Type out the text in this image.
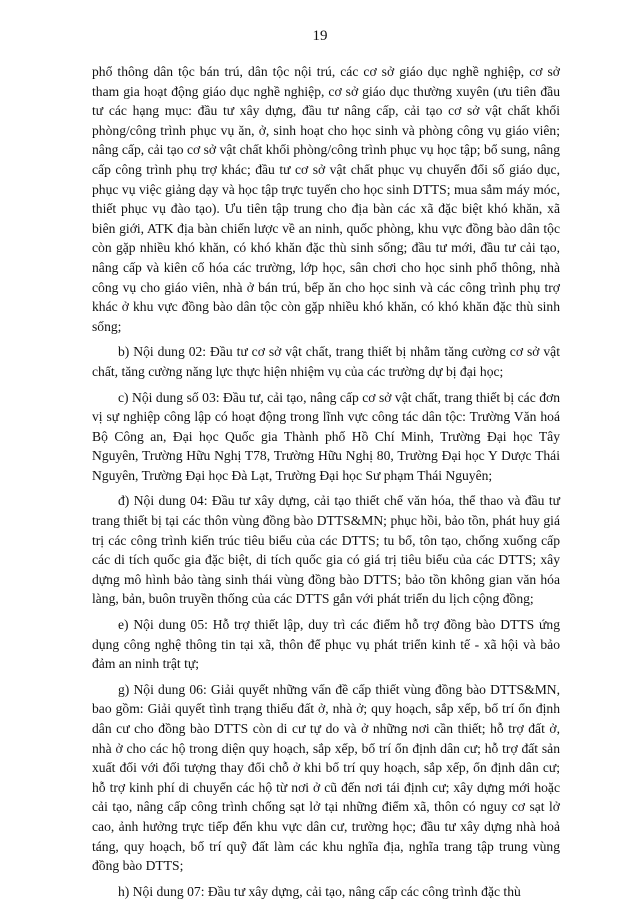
19

phổ thông dân tộc bán trú, dân tộc nội trú, các cơ sở giáo dục nghề nghiệp, cơ sở tham gia hoạt động giáo dục nghề nghiệp, cơ sở giáo dục thường xuyên (ưu tiên đầu tư các hạng mục: đầu tư xây dựng, đầu tư nâng cấp, cải tạo cơ sở vật chất khối phòng/công trình phục vụ ăn, ở, sinh hoạt cho học sinh và phòng công vụ giáo viên; nâng cấp, cải tạo cơ sở vật chất khối phòng/công trình phục vụ học tập; bổ sung, nâng cấp công trình phụ trợ khác; đầu tư cơ sở vật chất phục vụ chuyển đổi số giáo dục, phục vụ việc giảng dạy và học tập trực tuyến cho học sinh DTTS; mua sắm máy móc, thiết phục vụ đào tạo). Ưu tiên tập trung cho địa bàn các xã đặc biệt khó khăn, xã biên giới, ATK địa bàn chiến lược về an ninh, quốc phòng, khu vực đồng bào dân tộc còn gặp nhiều khó khăn, có khó khăn đặc thù sinh sống; đầu tư mới, đầu tư cải tạo, nâng cấp và kiên cố hóa các trường, lớp học, sân chơi cho học sinh phổ thông, nhà công vụ cho giáo viên, nhà ở bán trú, bếp ăn cho học sinh và các công trình phụ trợ khác ở khu vực đồng bào dân tộc còn gặp nhiều khó khăn, có khó khăn đặc thù sinh sống;

b) Nội dung 02: Đầu tư cơ sở vật chất, trang thiết bị nhằm tăng cường cơ sở vật chất, tăng cường năng lực thực hiện nhiệm vụ của các trường dự bị đại học;

c) Nội dung số 03: Đầu tư, cải tạo, nâng cấp cơ sở vật chất, trang thiết bị các đơn vị sự nghiệp công lập có hoạt động trong lĩnh vực công tác dân tộc: Trường Văn hoá Bộ Công an, Đại học Quốc gia Thành phố Hồ Chí Minh, Trường Đại học Tây Nguyên, Trường Hữu Nghị T78, Trường Hữu Nghị 80, Trường Đại học Y Dược Thái Nguyên, Trường Đại học Đà Lạt, Trường Đại học Sư phạm Thái Nguyên;

đ) Nội dung 04: Đầu tư xây dựng, cải tạo thiết chế văn hóa, thể thao và đầu tư trang thiết bị tại các thôn vùng đồng bào DTTS&MN; phục hồi, bảo tồn, phát huy giá trị các công trình kiến trúc tiêu biểu của các DTTS; tu bổ, tôn tạo, chống xuống cấp các di tích quốc gia đặc biệt, di tích quốc gia có giá trị tiêu biểu của các DTTS; xây dựng mô hình bảo tàng sinh thái vùng đồng bào DTTS; bảo tồn không gian văn hóa làng, bản, buôn truyền thống của các DTTS gắn với phát triển du lịch cộng đồng;

e) Nội dung 05: Hỗ trợ thiết lập, duy trì các điểm hỗ trợ đồng bào DTTS ứng dụng công nghệ thông tin tại xã, thôn để phục vụ phát triển kinh tế - xã hội và bảo đảm an ninh trật tự;

g) Nội dung 06: Giải quyết những vấn đề cấp thiết vùng đồng bào DTTS&MN, bao gồm: Giải quyết tình trạng thiếu đất ở, nhà ở; quy hoạch, sắp xếp, bố trí ổn định dân cư cho đồng bào DTTS còn di cư tự do và ở những nơi cần thiết; hỗ trợ đất ở, nhà ở cho các hộ trong diện quy hoạch, sắp xếp, bố trí ổn định dân cư; hỗ trợ đất sản xuất đối với đối tượng thay đổi chỗ ở khi bố trí quy hoạch, sắp xếp, ổn định dân cư; hỗ trợ kinh phí di chuyển các hộ từ nơi ở cũ đến nơi tái định cư; xây dựng mới hoặc cải tạo, nâng cấp công trình chống sạt lở tại những điểm xã, thôn có nguy cơ sạt lở cao, ảnh hưởng trực tiếp đến khu vực dân cư, trường học; đầu tư xây dựng nhà hoả táng, quy hoạch, bố trí quỹ đất làm các khu nghĩa địa, nghĩa trang tập trung vùng đồng bào DTTS;

h) Nội dung 07: Đầu tư xây dựng, cải tạo, nâng cấp các công trình đặc thù
